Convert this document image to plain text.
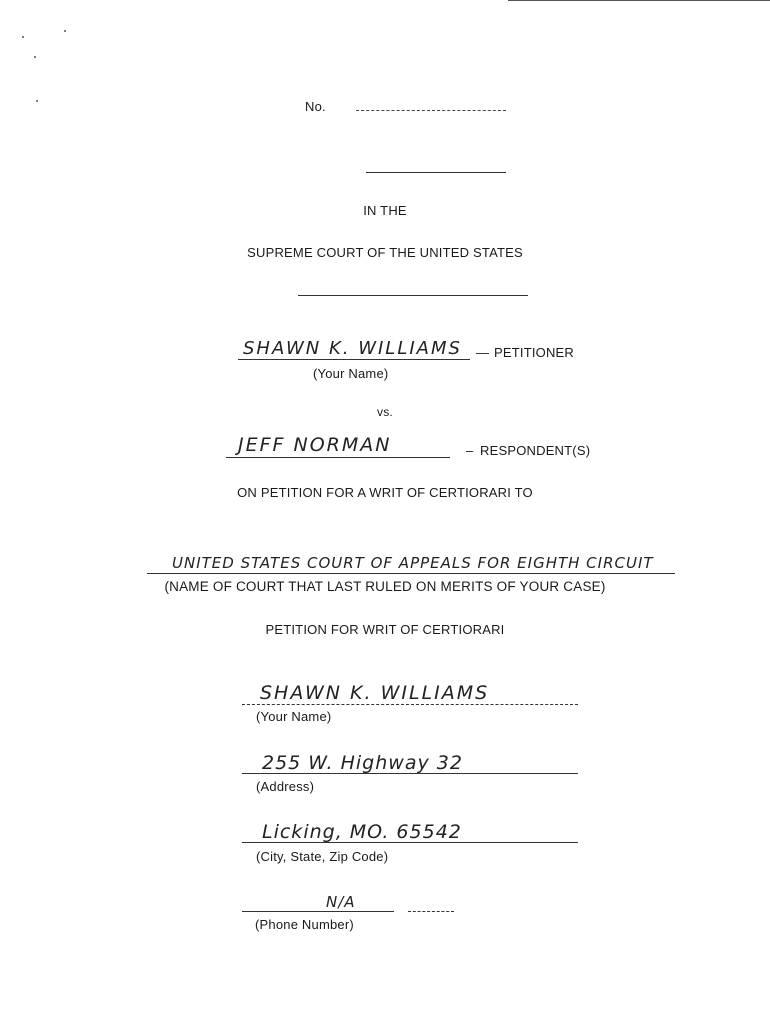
No.
IN THE
SUPREME COURT OF THE UNITED STATES
SHAWN K. WILLIAMS — PETITIONER
(Your Name)
vs.
JEFF NORMAN	– RESPONDENT(S)
ON PETITION FOR A WRIT OF CERTIORARI TO
UNITED STATES COURT OF APPEALS FOR EIGHTH CIRCUIT
(NAME OF COURT THAT LAST RULED ON MERITS OF YOUR CASE)
PETITION FOR WRIT OF CERTIORARI
SHAWN K. WILLIAMS
(Your Name)
255 W. Highway 32
(Address)
Licking, MO. 65542
(City, State, Zip Code)
N/A
(Phone Number)
